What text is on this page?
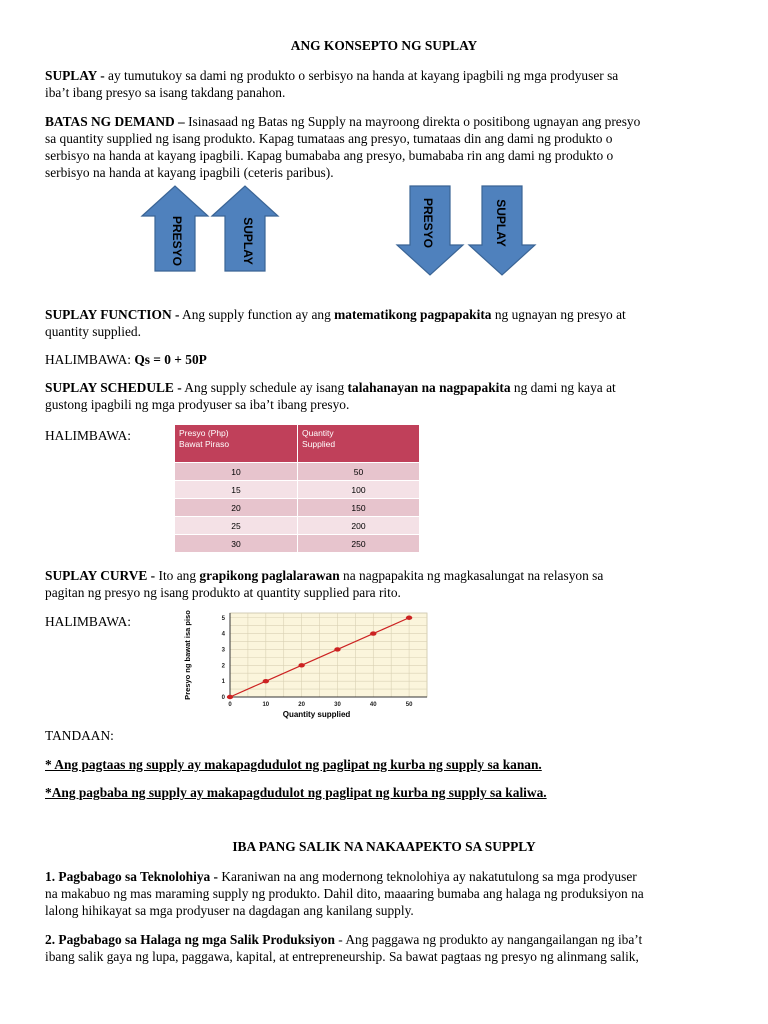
ANG KONSEPTO NG SUPLAY
SUPLAY - ay tumutukoy sa dami ng produkto o serbisyo na handa at kayang ipagbili ng mga prodyuser sa
iba’t ibang presyo sa isang takdang panahon.
BATAS NG DEMAND – Isinasaad ng Batas ng Supply na mayroong direkta o positibong ugnayan ang presyo
sa quantity supplied ng isang produkto. Kapag tumataas ang presyo, tumataas din ang dami ng produkto o
serbisyo na handa at kayang ipagbili. Kapag bumababa ang presyo, bumababa rin ang dami ng produkto o
serbisyo na handa at kayang ipagbili (ceteris paribus).
PRESYO	SUPLAY	PRESYO	SUPLAY
SUPLAY FUNCTION - Ang supply function ay ang matematikong pagpapakita ng ugnayan ng presyo at
quantity supplied.
HALIMBAWA: Qs = 0 + 50P
SUPLAY SCHEDULE - Ang supply schedule ay isang talahanayan na nagpapakita ng dami ng kaya at
gustong ipagbili ng mga prodyuser sa iba’t ibang presyo.
HALIMBAWA:	Presyo (Php)
Bawat Piraso	Quantity
Supplied
10	50
15	100
20	150
25	200
30	250
SUPLAY CURVE - Ito ang grapikong paglalarawan na nagpapakita ng magkasalungat na relasyon sa
pagitan ng presyo ng isang produkto at quantity supplied para rito.
HALIMBAWA:
0	10	20	30	40	50
0
1
2
3
4
5
Presyo ng bawat isa piso
Quantity supplied
TANDAAN:
* Ang pagtaas ng supply ay makapagdudulot ng paglipat ng kurba ng supply sa kanan.
*Ang pagbaba ng supply ay makapagdudulot ng paglipat ng kurba ng supply sa kaliwa.
IBA PANG SALIK NA NAKAAPEKTO SA SUPPLY
1. Pagbabago sa Teknolohiya - Karaniwan na ang modernong teknolohiya ay nakatutulong sa mga prodyuser
na makabuo ng mas maraming supply ng produkto. Dahil dito, maaaring bumaba ang halaga ng produksiyon na
lalong hihikayat sa mga prodyuser na dagdagan ang kanilang supply.
2. Pagbabago sa Halaga ng mga Salik Produksiyon - Ang paggawa ng produkto ay nangangailangan ng iba’t
ibang salik gaya ng lupa, paggawa, kapital, at entrepreneurship. Sa bawat pagtaas ng presyo ng alinmang salik,
